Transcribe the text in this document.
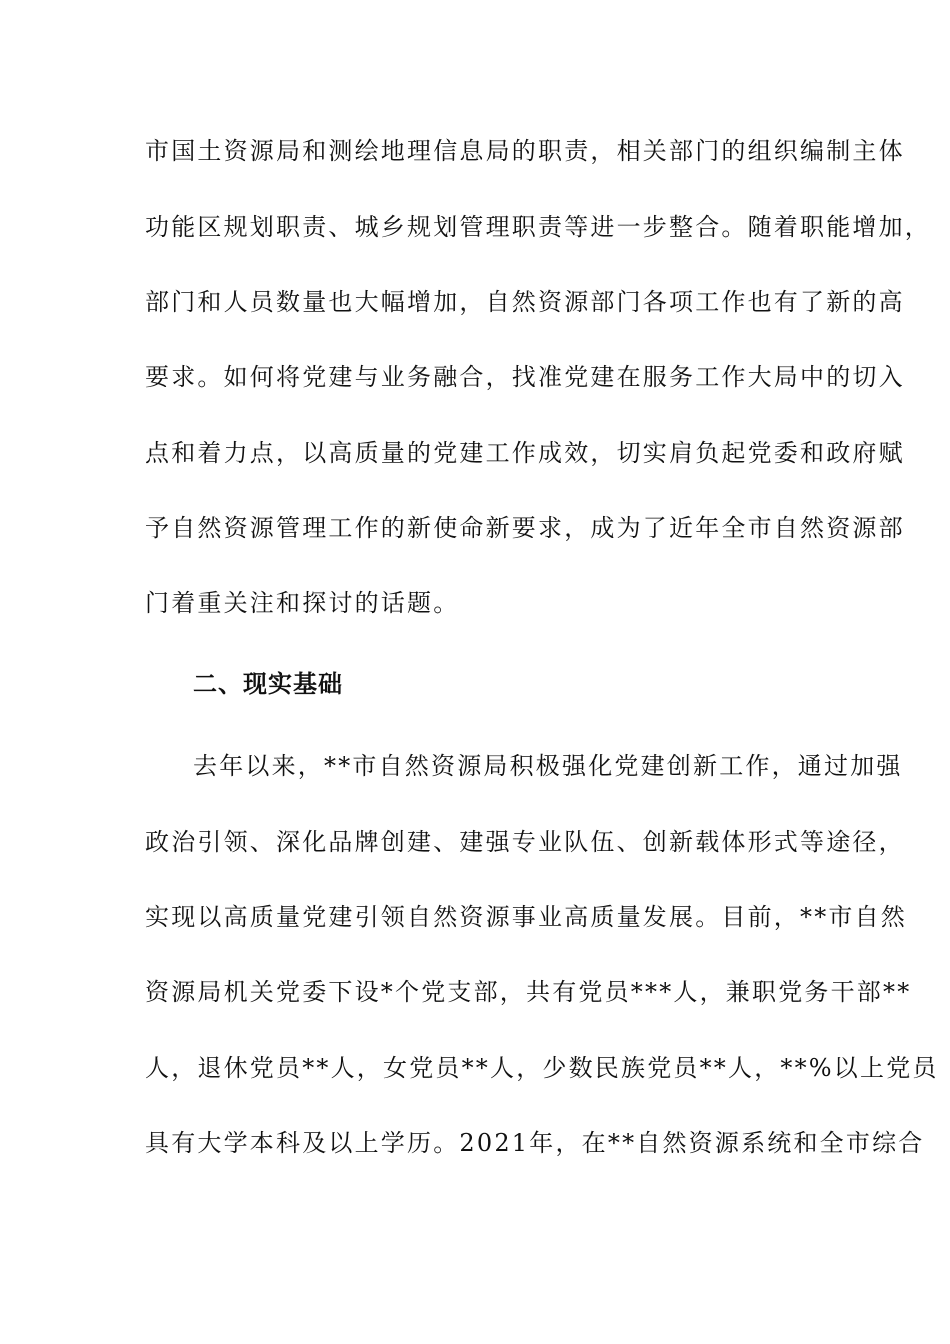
市国土资源局和测绘地理信息局的职责，相关部门的组织编制主体
功能区规划职责、城乡规划管理职责等进一步整合。随着职能增加，
部门和人员数量也大幅增加，自然资源部门各项工作也有了新的高
要求。如何将党建与业务融合，找准党建在服务工作大局中的切入
点和着力点，以高质量的党建工作成效，切实肩负起党委和政府赋
予自然资源管理工作的新使命新要求，成为了近年全市自然资源部
门着重关注和探讨的话题。
二、现实基础
去年以来，**市自然资源局积极强化党建创新工作，通过加强
政治引领、深化品牌创建、建强专业队伍、创新载体形式等途径，
实现以高质量党建引领自然资源事业高质量发展。目前，**市自然
资源局机关党委下设*个党支部，共有党员***人，兼职党务干部**
人，退休党员**人，女党员**人，少数民族党员**人，**%以上党员
具有大学本科及以上学历。2021年，在**自然资源系统和全市综合
